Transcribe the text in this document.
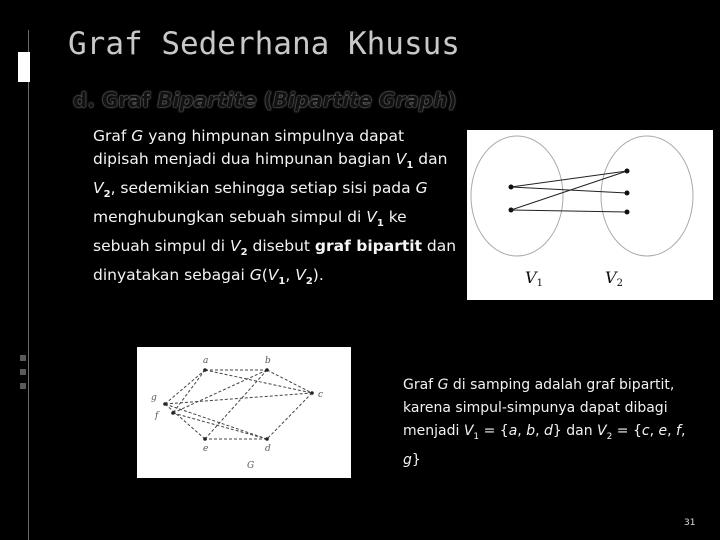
Graf Sederhana Khusus
d. Graf Bipartite (Bipartite Graph)

Graf G yang himpunan simpulnya dapat dipisah menjadi dua himpunan bagian $V_1$ dan $V_2$, sedemikian sehingga setiap sisi pada G menghubungkan sebuah simpul di $V_1$ ke sebuah simpul di $V_2$ disebut graf bipartit dan dinyatakan sebagai $G(V_1$, $V_2$).	V1	V2
a	b
c
d
e
f
g
G

Graf G di samping adalah graf bipartit, karena simpul-simpunya dapat dibagi menjadi $V_1 = \{a$, b, d} dan $V_2 = \{c$, e, f, g}

31
